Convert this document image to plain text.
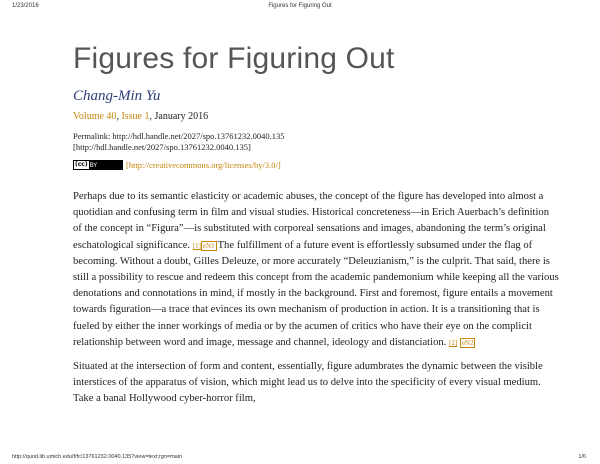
1/23/2016	Figures for Figuring Out
Figures for Figuring Out
Chang-Min Yu
Volume 40, Issue 1, January 2016
Permalink: http://hdl.handle.net/2027/spo.13761232.0040.135
[http://hdl.handle.net/2027/spo.13761232.0040.135]
(cc) BY	[http://creativecommons.org/licenses/by/3.0/]

Perhaps due to its semantic elasticity or academic abuses, the concept of the figure has developed into almost a quotidian and confusing term in film and visual studies. Historical concreteness—in Erich Auerbach’s definition of the concept in “Figura”—is substituted with corporeal sensations and images, abandoning the term’s original eschatological significance. [1] eN1 The fulfillment of a future event is effortlessly subsumed under the flag of becoming. Without a doubt, Gilles Deleuze, or more accurately “Deleuzianism,” is the culprit. That said, there is still a possibility to rescue and redeem this concept from the academic pandemonium while keeping all the various denotations and connotations in mind, if mostly in the background. First and foremost, figure entails a movement towards figuration—a trace that evinces its own mechanism of production in action. It is a transitioning that is fueled by either the inner workings of media or by the acumen of critics who have their eye on the complicit relationship between word and image, message and channel, ideology and distanciation. [2] eN2

Situated at the intersection of form and content, essentially, figure adumbrates the dynamic between the visible interstices of the apparatus of vision, which might lead us to delve into the specificity of every visual medium. Take a banal Hollywood cyber-horror film,

http://quod.lib.umich.edu/f/fc/13761232.0040.135?view=text;rgn=main	1/6
